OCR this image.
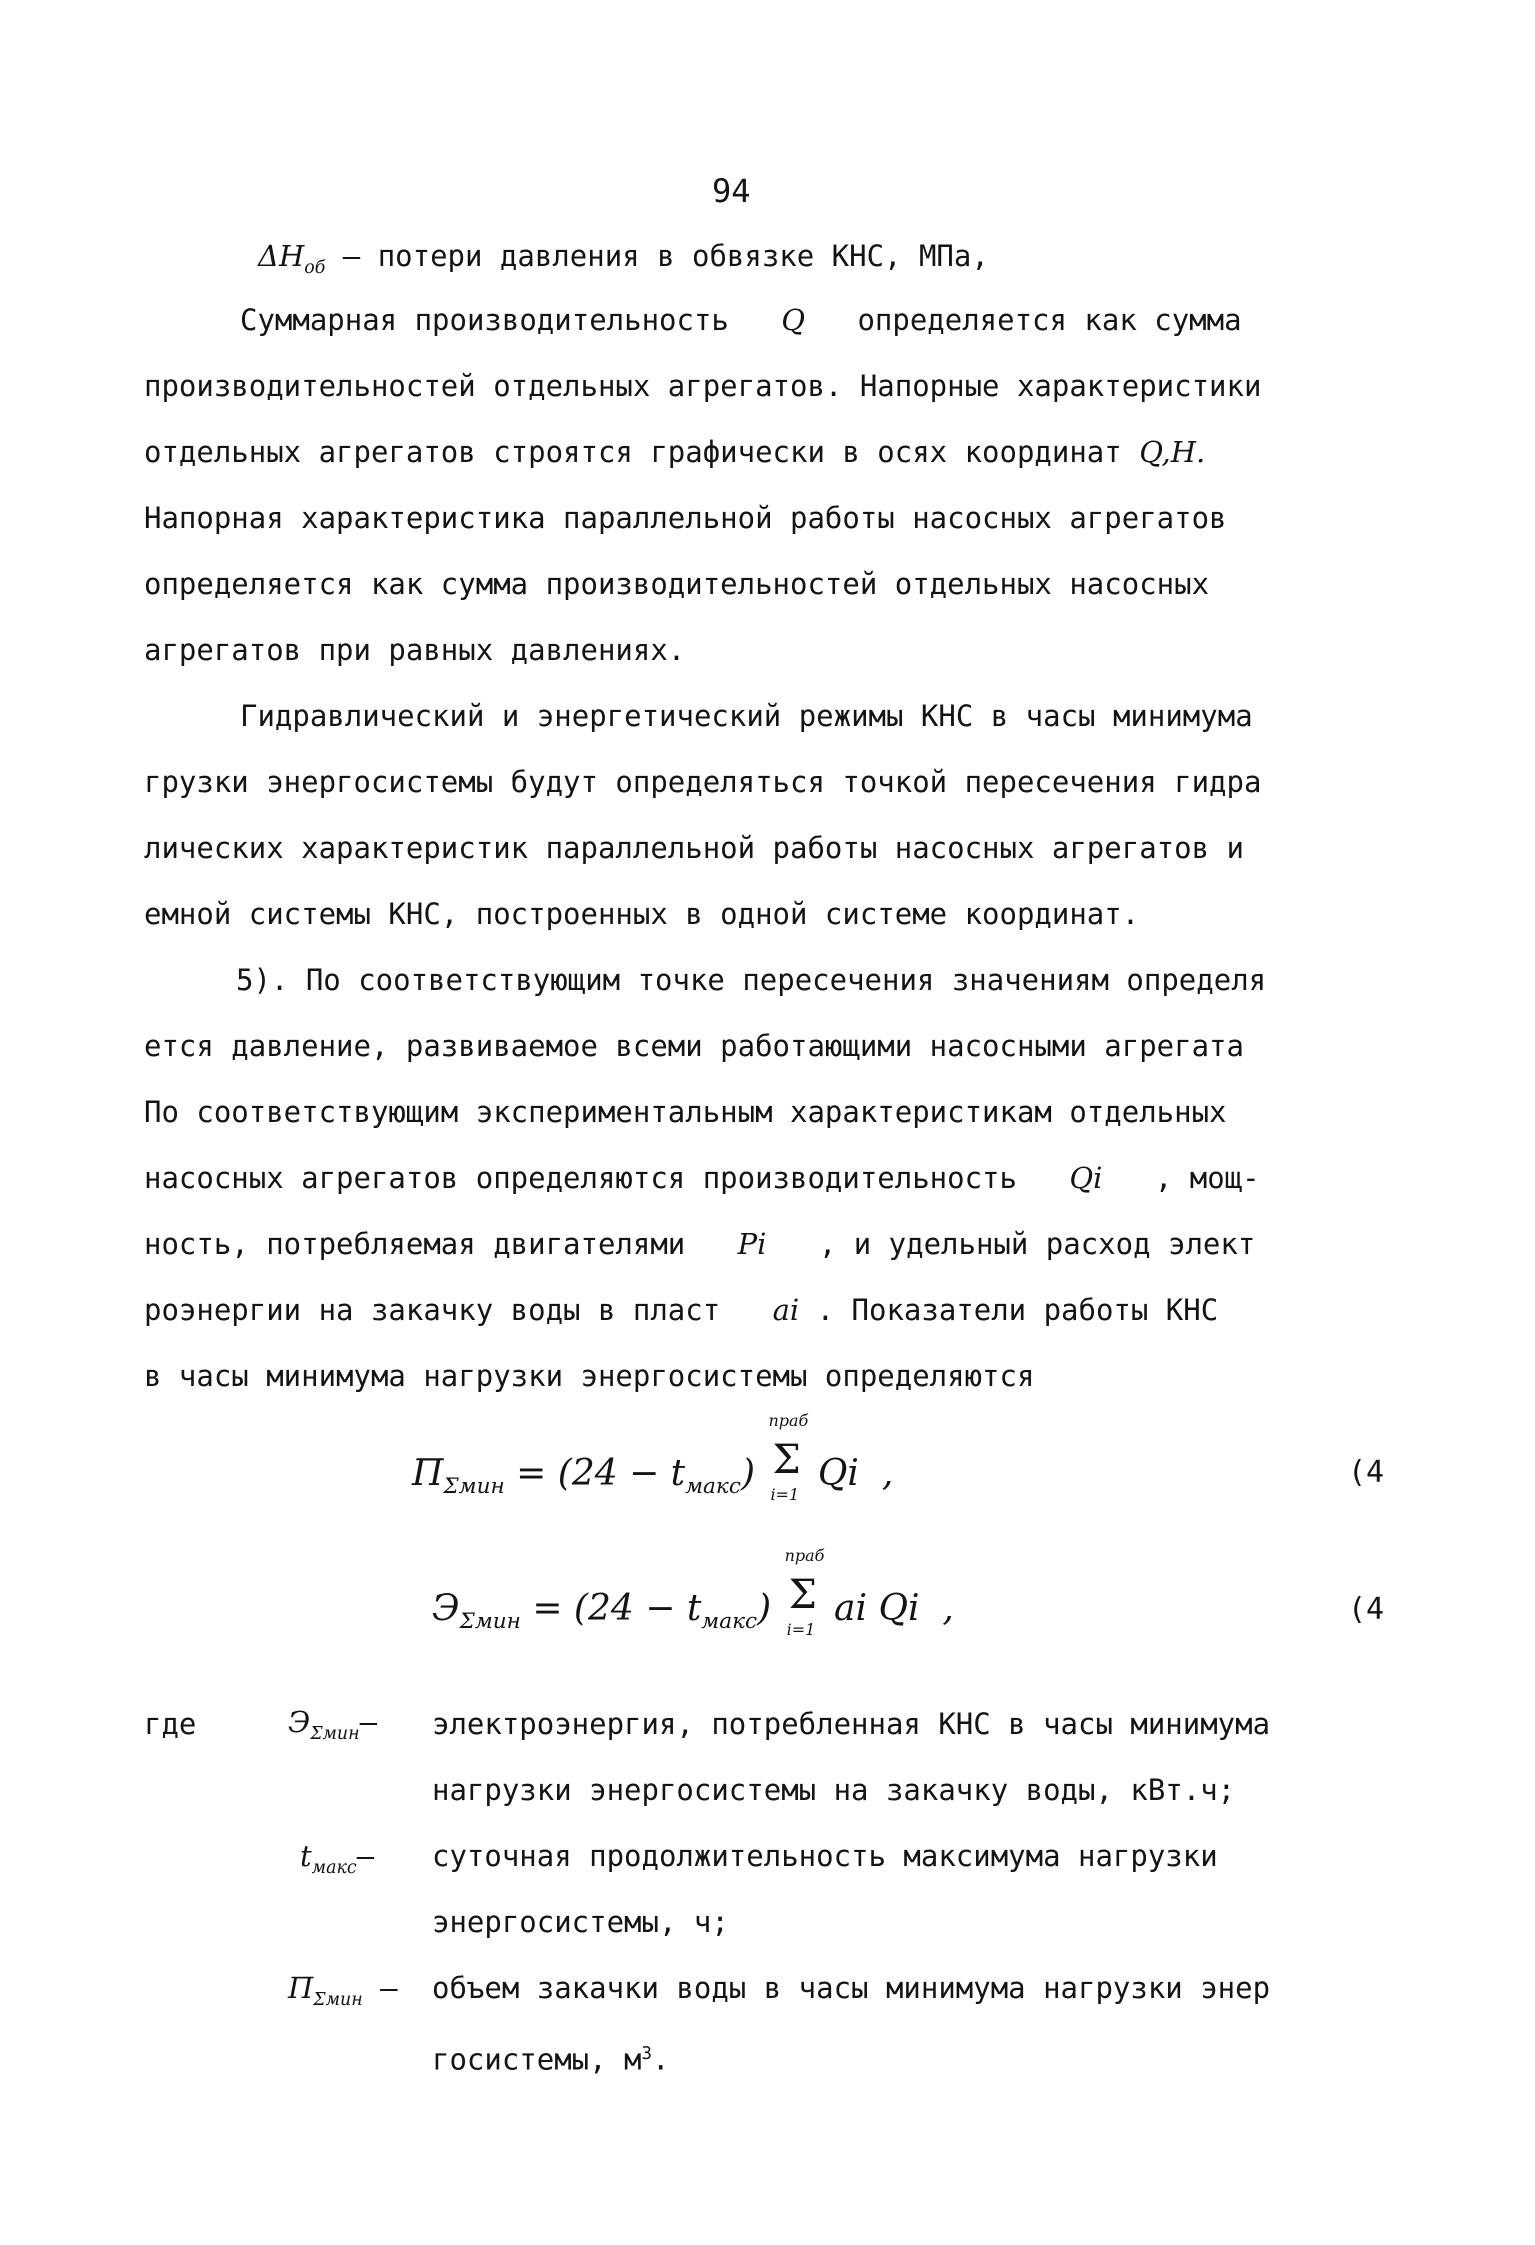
94
$\Delta H_{об}$ – потери давления в обвязке КНС, МПа,
Суммарная производительность Q определяется как сумма
производительностей отдельных агрегатов. Напорные характеристики
отдельных агрегатов строятся графически в осях координат Q,H.
Напорная характеристика параллельной работы насосных агрегатов
определяется как сумма производительностей отдельных насосных
агрегатов при равных давлениях.
Гидравлический и энергетический режимы КНС в часы минимума
грузки энергосистемы будут определяться точкой пересечения гидра
лических характеристик параллельной работы насосных агрегатов и
емной системы КНС, построенных в одной системе координат.
5). По соответствующим точке пересечения значениям определя
ется давление, развиваемое всеми работающими насосными агрегата
По соответствующим экспериментальным характеристикам отдельных
насосных агрегатов определяются производительность Qi , мощ-
ность, потребляемая двигателями Pi , и удельный расход элект
роэнергии на закачку воды в пласт ai . Показатели работы КНС
в часы минимума нагрузки энергосистемы определяются
$\Pi_{\Sigma мин} = (24 - t_{макс})$ Σ
nраб
i=1
Qi ,	(4
$Э_{\Sigma мин} = (24 - t_{макс})$ Σ
nраб
i=1
ai Qi ,	(4
где	$Э_{\Sigma мин}-$ электроэнергия, потребленная КНС в часы минимума
нагрузки энергосистемы на закачку воды, кВт.ч;
$t_{макс}-$ суточная продолжительность максимума нагрузки
энергосистемы, ч;
$\Pi_{\Sigma мин}$ – объем закачки воды в часы минимума нагрузки энер
госистемы, $м^3$.
